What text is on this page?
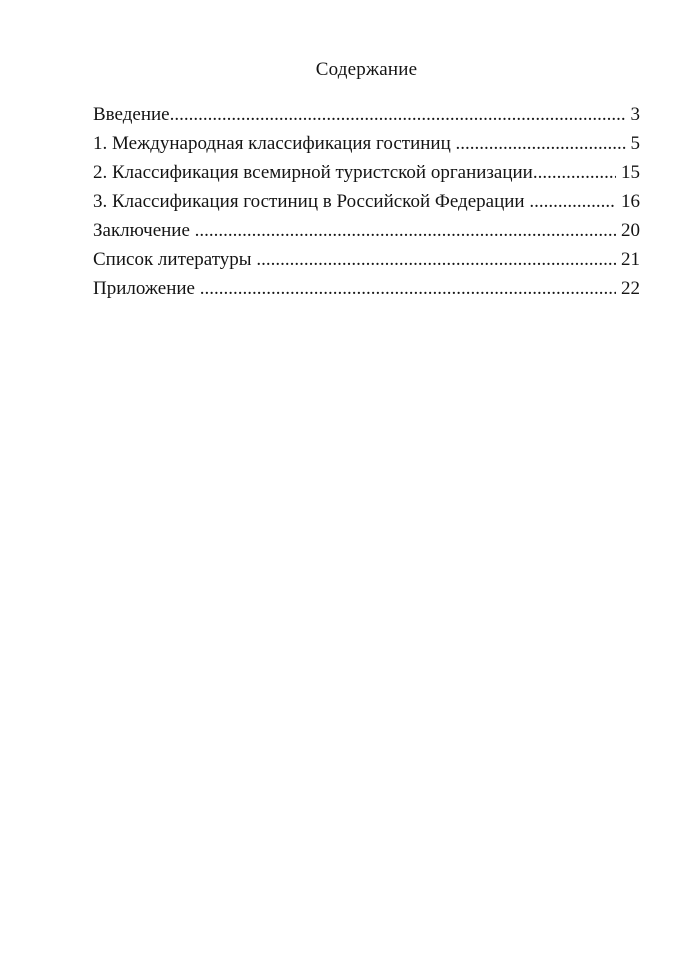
Содержание
Введение .....	3
1. Международная классификация гостиниц .....	5
2. Классификация всемирной туристской организации .....	15
3. Классификация гостиниц в Российской Федерации .....	16
Заключение .....	20
Список литературы .....	21
Приложение .....	22
